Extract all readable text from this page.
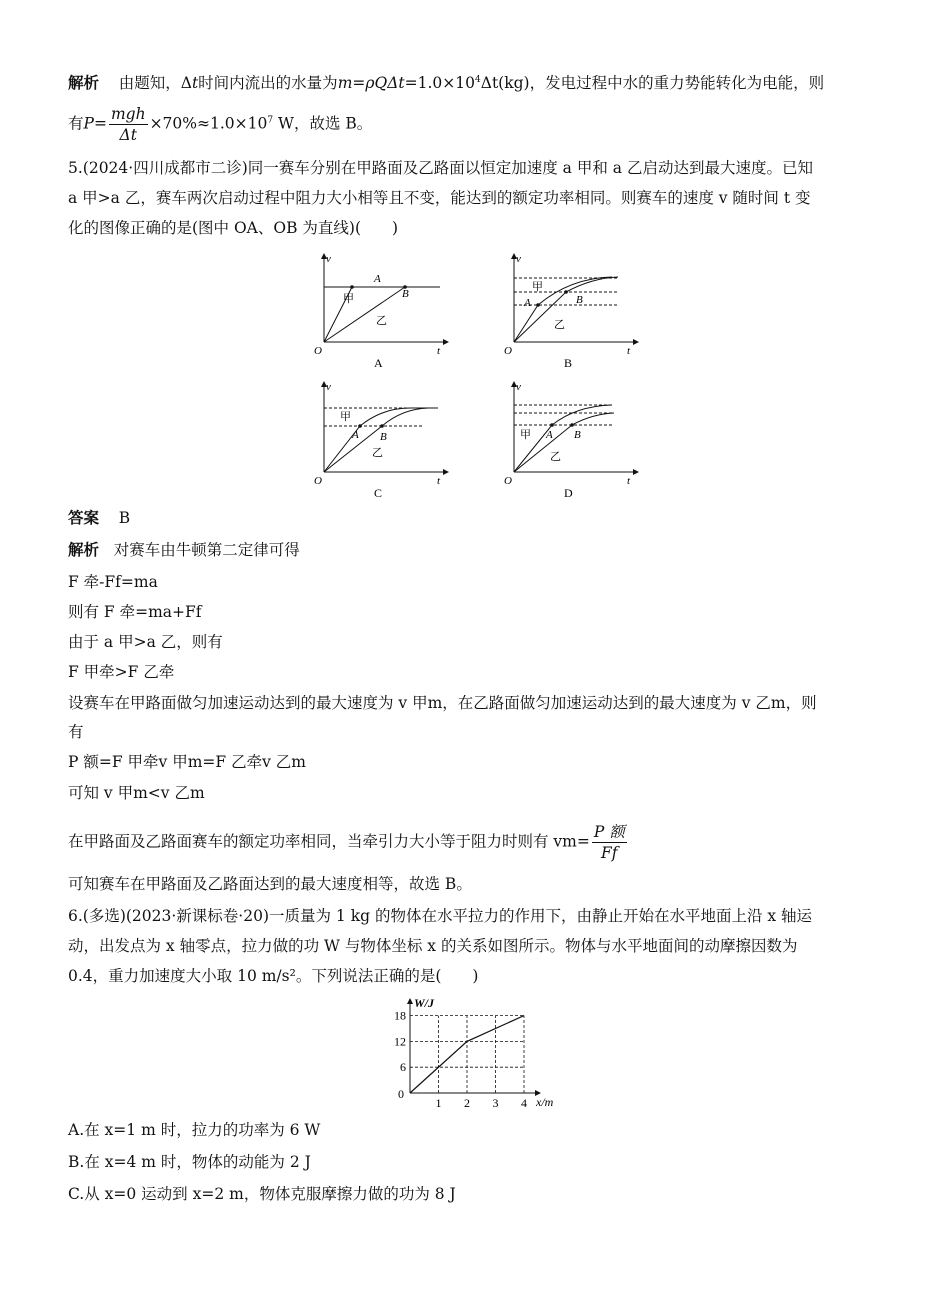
解析 由题知，Δt时间内流出的水量为$m=\rho Q\Delta t=1.0\times 10^4\Delta t(kg)$，发电过程中水的重力势能转化为电能，则
有$P= \frac{\text{mgh}}{\Delta t} \times 70\%\approx 1.0\times 10^7$ W，故选 B。
5.(2024·四川成都市二诊)同一赛车分别在甲路面及乙路面以恒定加速度 a 甲和 a 乙启动达到最大速度。已知
a 甲>a 乙，赛车两次启动过程中阻力大小相等且不变，能达到的额定功率相同。则赛车的速度 v 随时间 t 变
化的图像正确的是(图中 OA、OB 为直线)(　　)
v
t
O
A
B
甲
乙
A
v
t
O
A	B
甲
乙
B
v
t
O
A B
甲
乙
C
v
t
O
A B
甲
乙
D
答案 B
解析 对赛车由牛顿第二定律可得
F 牵-Ff=ma
则有 F 牵=ma+Ff
由于 a 甲>a 乙，则有
F 甲牵>F 乙牵
设赛车在甲路面做匀加速运动达到的最大速度为 v 甲m，在乙路面做匀加速运动达到的最大速度为 v 乙m，则
有
P 额=F 甲牵v 甲m=F 乙牵v 乙m
可知 v 甲m<v 乙m
在甲路面及乙路面赛车的额定功率相同，当牵引力大小等于阻力时则有 $vm= \frac{\text{P 额}}{Ff}$
可知赛车在甲路面及乙路面达到的最大速度相等，故选 B。
6.(多选)(2023·新课标卷·20)一质量为 1 kg 的物体在水平拉力的作用下，由静止开始在水平地面上沿 x 轴运
动，出发点为 x 轴零点，拉力做的功 W 与物体坐标 x 的关系如图所示。物体与水平地面间的动摩擦因数为
0.4，重力加速度大小取 10 m/s²。下列说法正确的是(　　)
6
12
18
1 2 3 4
W/J
x/m
0
A.在 x=1 m 时，拉力的功率为 6 W
B.在 x=4 m 时，物体的动能为 2 J
C.从 x=0 运动到 x=2 m，物体克服摩擦力做的功为 8 J
